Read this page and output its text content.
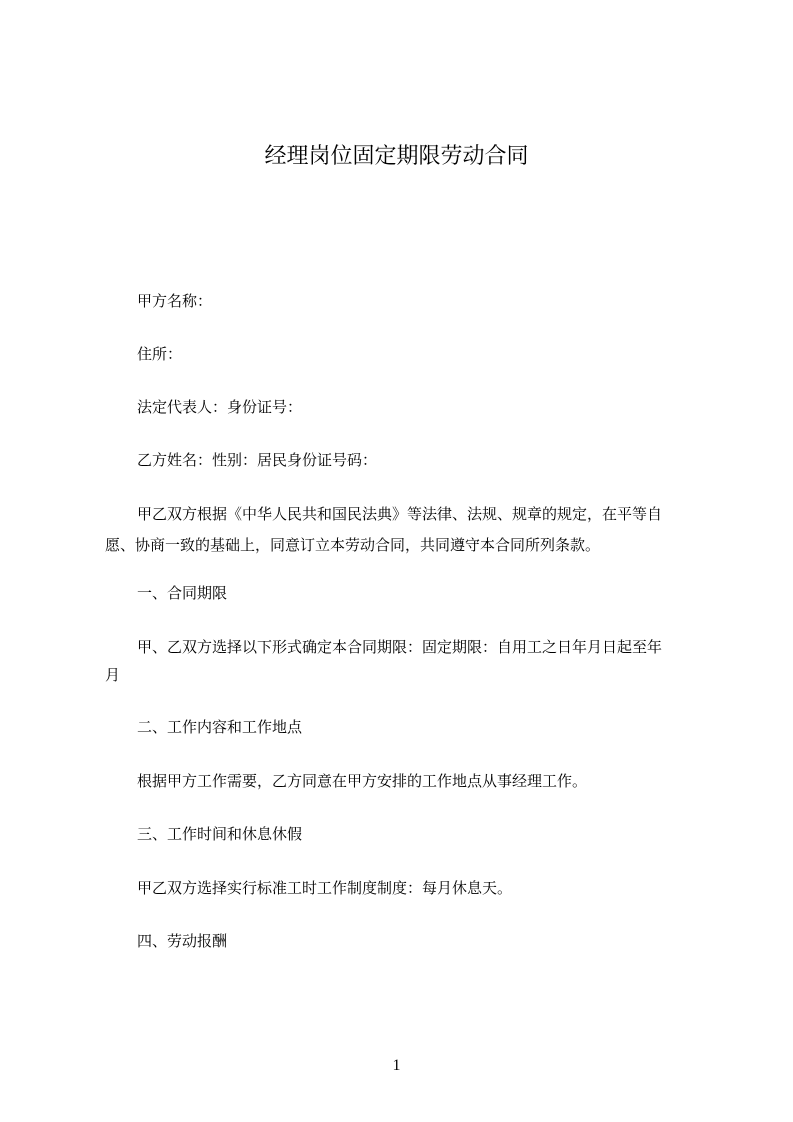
经理岗位固定期限劳动合同

甲方名称：

住所：

法定代表人：身份证号：

乙方姓名：性别：居民身份证号码：

甲乙双方根据《中华人民共和国民法典》等法律、法规、规章的规定，在平等自

愿、协商一致的基础上，同意订立本劳动合同，共同遵守本合同所列条款。

一、合同期限

甲、乙双方选择以下形式确定本合同期限：固定期限：自用工之日年月日起至年

月

二、工作内容和工作地点

根据甲方工作需要，乙方同意在甲方安排的工作地点从事经理工作。

三、工作时间和休息休假

甲乙双方选择实行标准工时工作制度制度：每月休息天。

四、劳动报酬

1
